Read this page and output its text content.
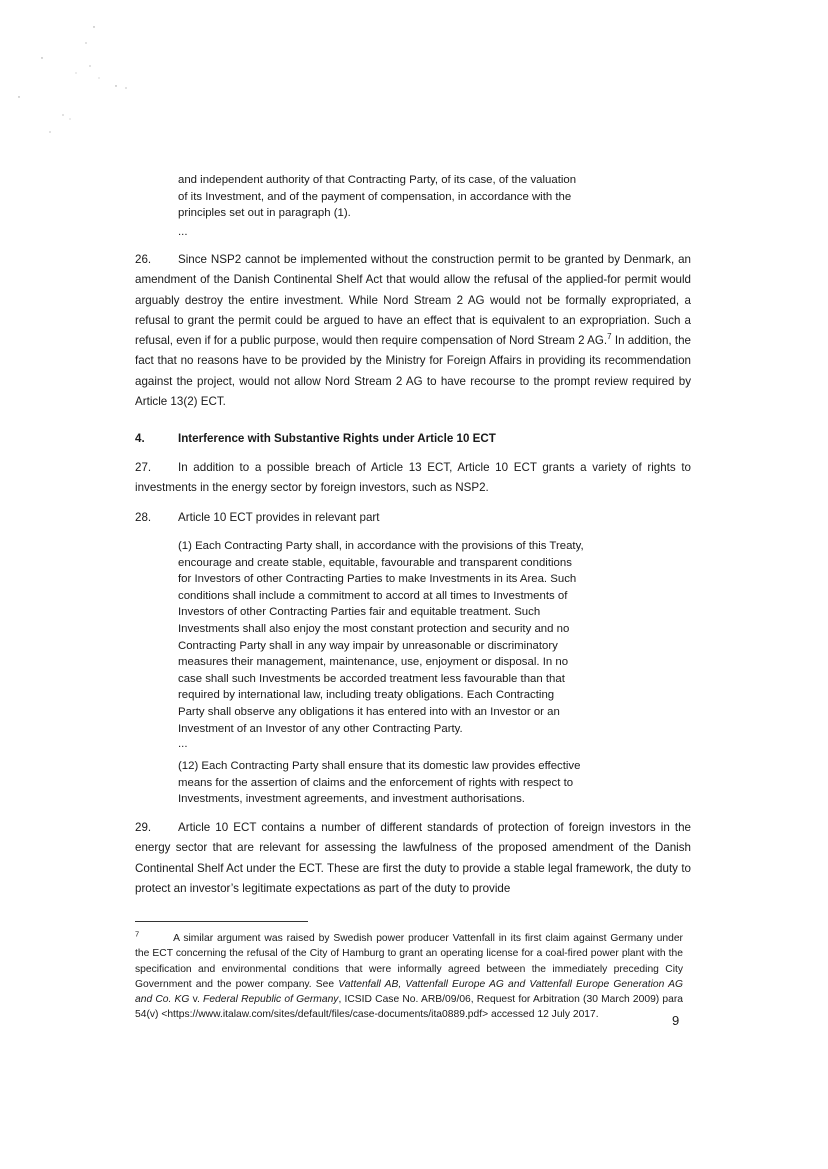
and independent authority of that Contracting Party, of its case, of the valuation
of its Investment, and of the payment of compensation, in accordance with the
principles set out in paragraph (1).
...
26. Since NSP2 cannot be implemented without the construction permit to be granted by Denmark, an amendment of the Danish Continental Shelf Act that would allow the refusal of the applied-for permit would arguably destroy the entire investment. While Nord Stream 2 AG would not be formally expropriated, a refusal to grant the permit could be argued to have an effect that is equivalent to an expropriation. Such a refusal, even if for a public purpose, would then require compensation of Nord Stream 2 AG.$^7$ In addition, the fact that no reasons have to be provided by the Ministry for Foreign Affairs in providing its recommendation against the project, would not allow Nord Stream 2 AG to have recourse to the prompt review required by Article 13(2) ECT.
4.	Interference with Substantive Rights under Article 10 ECT
27. In addition to a possible breach of Article 13 ECT, Article 10 ECT grants a variety of rights to investments in the energy sector by foreign investors, such as NSP2.
28. Article 10 ECT provides in relevant part
(1) Each Contracting Party shall, in accordance with the provisions of this Treaty,
encourage and create stable, equitable, favourable and transparent conditions
for Investors of other Contracting Parties to make Investments in its Area. Such
conditions shall include a commitment to accord at all times to Investments of
Investors of other Contracting Parties fair and equitable treatment. Such
Investments shall also enjoy the most constant protection and security and no
Contracting Party shall in any way impair by unreasonable or discriminatory
measures their management, maintenance, use, enjoyment or disposal. In no
case shall such Investments be accorded treatment less favourable than that
required by international law, including treaty obligations. Each Contracting
Party shall observe any obligations it has entered into with an Investor or an
Investment of an Investor of any other Contracting Party.
...
(12) Each Contracting Party shall ensure that its domestic law provides effective
means for the assertion of claims and the enforcement of rights with respect to
Investments, investment agreements, and investment authorisations.
29. Article 10 ECT contains a number of different standards of protection of foreign investors in the energy sector that are relevant for assessing the lawfulness of the proposed amendment of the Danish Continental Shelf Act under the ECT. These are first the duty to provide a stable legal framework, the duty to protect an investor’s legitimate expectations as part of the duty to provide
$^7$	A similar argument was raised by Swedish power producer Vattenfall in its first claim against Germany under the ECT concerning the refusal of the City of Hamburg to grant an operating license for a coal-fired power plant with the specification and environmental conditions that were informally agreed between the immediately preceding City Government and the power company. See Vattenfall AB, Vattenfall Europe AG and Vattenfall Europe Generation AG and Co. KG v. Federal Republic of Germany, ICSID Case No. ARB/09/06, Request for Arbitration (30 March 2009) para 54(v) <https://www.italaw.com/sites/default/files/case-documents/ita0889.pdf> accessed 12 July 2017.	9
